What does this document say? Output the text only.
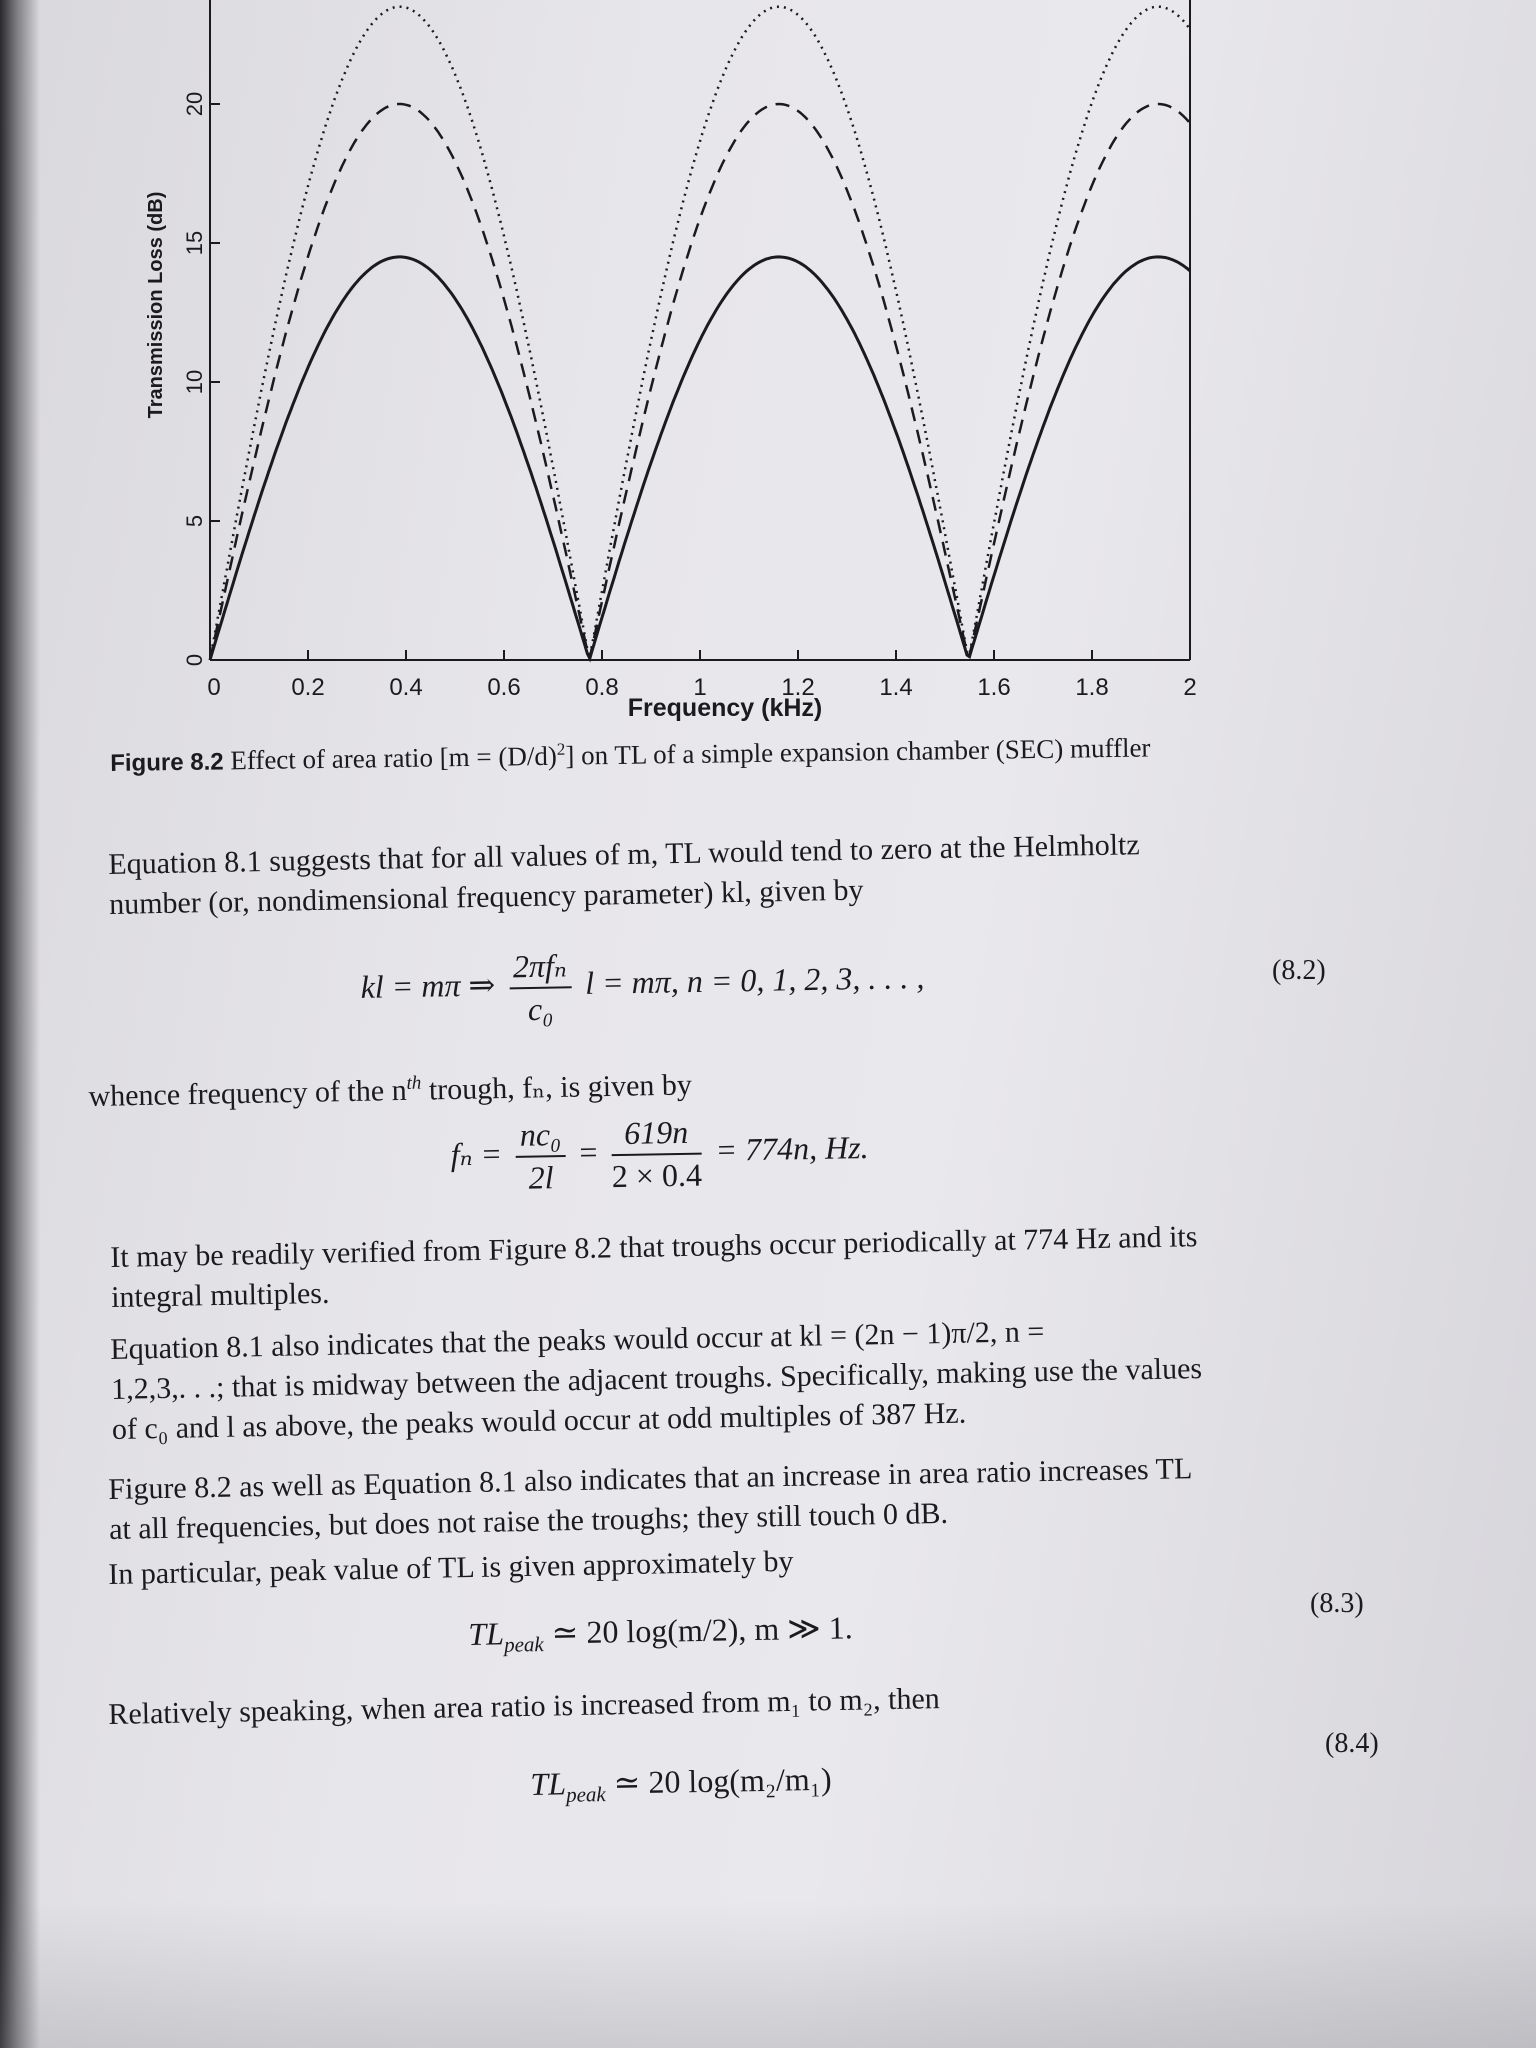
0	0.2	0.4	0.6	0.8	1	1.2	1.4	1.6	1.8	2
0
5
10
15
20
Frequency (kHz)
Transmission Loss (dB)
Figure 8.2 Effect of area ratio $[m = (D/d)^2]$ on TL of a simple expansion chamber (SEC) muffler
Equation 8.1 suggests that for all values of m, TL would tend to zero at the Helmholtz
number (or, nondimensional frequency parameter) kl, given by
kl = mπ ⇒ $\frac{\text{2πfₙ}}{\text{c₀}}$ l = mπ, n = 0, 1, 2, 3, . . . ,	(8.2)
whence frequency of the $n^{th}$ trough, fₙ, is given by
$f_n = \frac{\text{nc₀}}{2l} = \frac{619n}{2 \times 0.4} = 774n$, Hz.
It may be readily verified from Figure 8.2 that troughs occur periodically at 774 Hz and its
integral multiples.
Equation 8.1 also indicates that the peaks would occur at kl = (2n − 1)π/2, n =
1,2,3,. . .; that is midway between the adjacent troughs. Specifically, making use the values
of c₀ and l as above, the peaks would occur at odd multiples of 387 Hz.
Figure 8.2 as well as Equation 8.1 also indicates that an increase in area ratio increases TL
at all frequencies, but does not raise the troughs; they still touch 0 dB.
In particular, peak value of TL is given approximately by
$TL_{peak}$ ≃ 20 log(m/2), m ≫ 1.
(8.3)
Relatively speaking, when area ratio is increased from m₁ to m₂, then
$TL_{peak}$ ≃ 20 log(m₂/m₁)
(8.4)
